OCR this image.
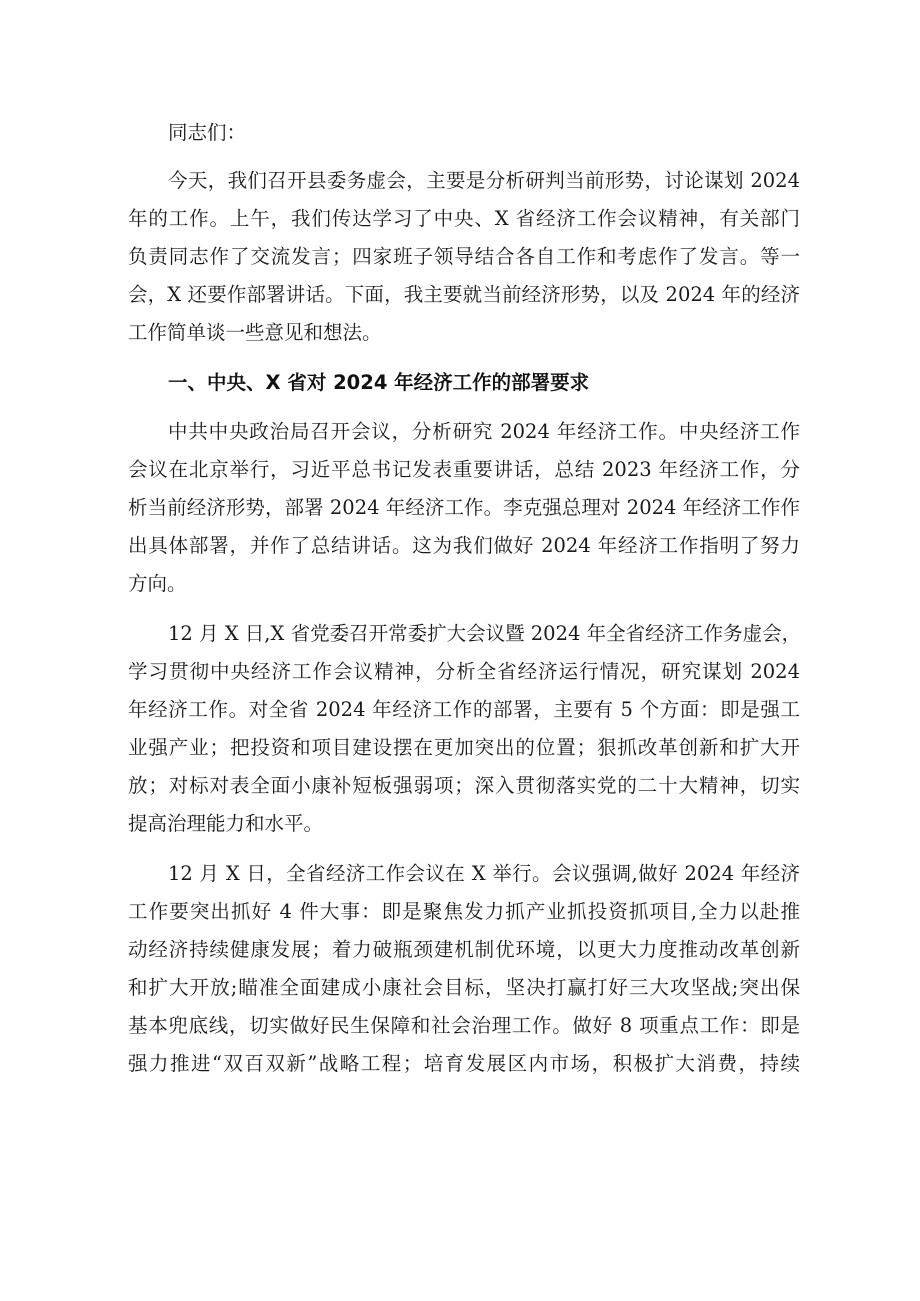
同志们：
今天，我们召开县委务虚会，主要是分析研判当前形势，讨论谋划 2024
年的工作。上午，我们传达学习了中央、X 省经济工作会议精神，有关部门
负责同志作了交流发言；四家班子领导结合各自工作和考虑作了发言。等一
会，X 还要作部署讲话。下面，我主要就当前经济形势，以及 2024 年的经济
工作简单谈一些意见和想法。
一、中央、X 省对 2024 年经济工作的部署要求
中共中央政治局召开会议，分析研究 2024 年经济工作。中央经济工作
会议在北京举行，习近平总书记发表重要讲话，总结 2023 年经济工作，分
析当前经济形势，部署 2024 年经济工作。李克强总理对 2024 年经济工作作
出具体部署，并作了总结讲话。这为我们做好 2024 年经济工作指明了努力
方向。
12 月 X 日,X 省党委召开常委扩大会议暨 2024 年全省经济工作务虚会，
学习贯彻中央经济工作会议精神，分析全省经济运行情况，研究谋划 2024
年经济工作。对全省 2024 年经济工作的部署，主要有 5 个方面：即是强工
业强产业；把投资和项目建设摆在更加突出的位置；狠抓改革创新和扩大开
放；对标对表全面小康补短板强弱项；深入贯彻落实党的二十大精神，切实
提高治理能力和水平。
12 月 X 日，全省经济工作会议在 X 举行。会议强调,做好 2024 年经济
工作要突出抓好 4 件大事：即是聚焦发力抓产业抓投资抓项目,全力以赴推
动经济持续健康发展；着力破瓶颈建机制优环境，以更大力度推动改革创新
和扩大开放;瞄准全面建成小康社会目标，坚决打赢打好三大攻坚战;突出保
基本兜底线，切实做好民生保障和社会治理工作。做好 8 项重点工作：即是
强力推进“双百双新”战略工程；培育发展区内市场，积极扩大消费，持续
